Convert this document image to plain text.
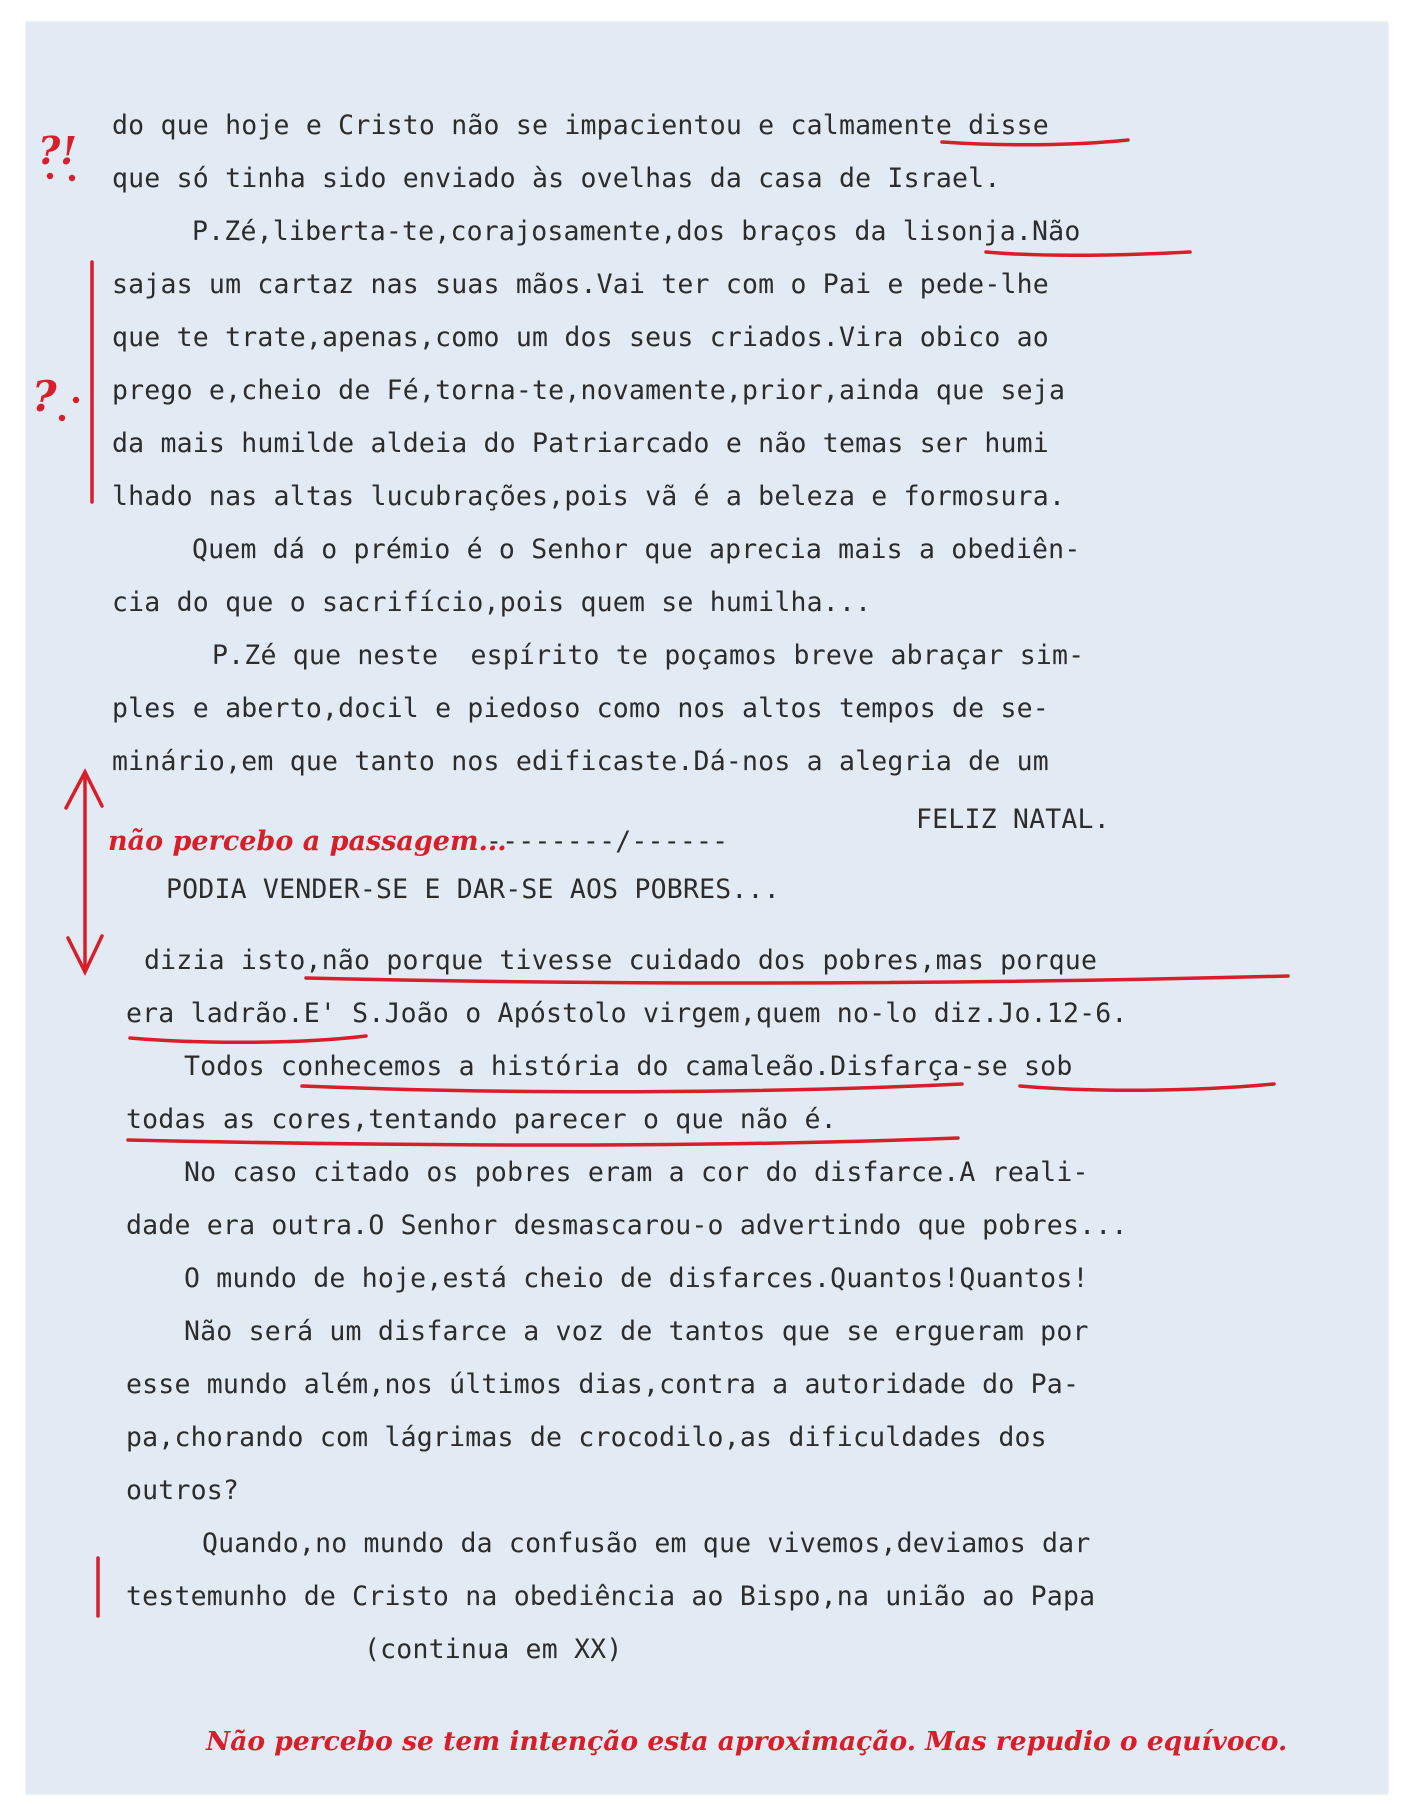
do que hoje e Cristo não se impacientou e calmamente disse
que só tinha sido enviado às ovelhas da casa de Israel.
P.Zé,liberta-te,corajosamente,dos braços da lisonja.Não
sajas um cartaz nas suas mãos.Vai ter com o Pai e pede-lhe
que te trate,apenas,como um dos seus criados.Vira obico ao
prego e,cheio de Fé,torna-te,novamente,prior,ainda que seja
da mais humilde aldeia do Patriarcado e não temas ser humi
lhado nas altas lucubrações,pois vã é a beleza e formosura.
Quem dá o prémio é o Senhor que aprecia mais a obediên-
cia do que o sacrifício,pois quem se humilha...
P.Zé que neste  espírito te poçamos breve abraçar sim-
ples e aberto,docil e piedoso como nos altos tempos de se-
minário,em que tanto nos edificaste.Dá-nos a alegria de um
FELIZ NATAL.
--------/------
PODIA VENDER-SE E DAR-SE AOS POBRES...
dizia isto,não porque tivesse cuidado dos pobres,mas porque
era ladrão.E' S.João o Apóstolo virgem,quem no-lo diz.Jo.12-6.
Todos conhecemos a história do camaleão.Disfarça-se sob
todas as cores,tentando parecer o que não é.
No caso citado os pobres eram a cor do disfarce.A reali-
dade era outra.O Senhor desmascarou-o advertindo que pobres...
O mundo de hoje,está cheio de disfarces.Quantos!Quantos!
Não será um disfarce a voz de tantos que se ergueram por
esse mundo além,nos últimos dias,contra a autoridade do Pa-
pa,chorando com lágrimas de crocodilo,as dificuldades dos
outros?
Quando,no mundo da confusão em que vivemos,deviamos dar
testemunho de Cristo na obediência ao Bispo,na união ao Papa
(continua em XX)
?!
?
não percebo a passagem...
Não percebo se tem intenção esta aproximação. Mas repudio o equívoco.
